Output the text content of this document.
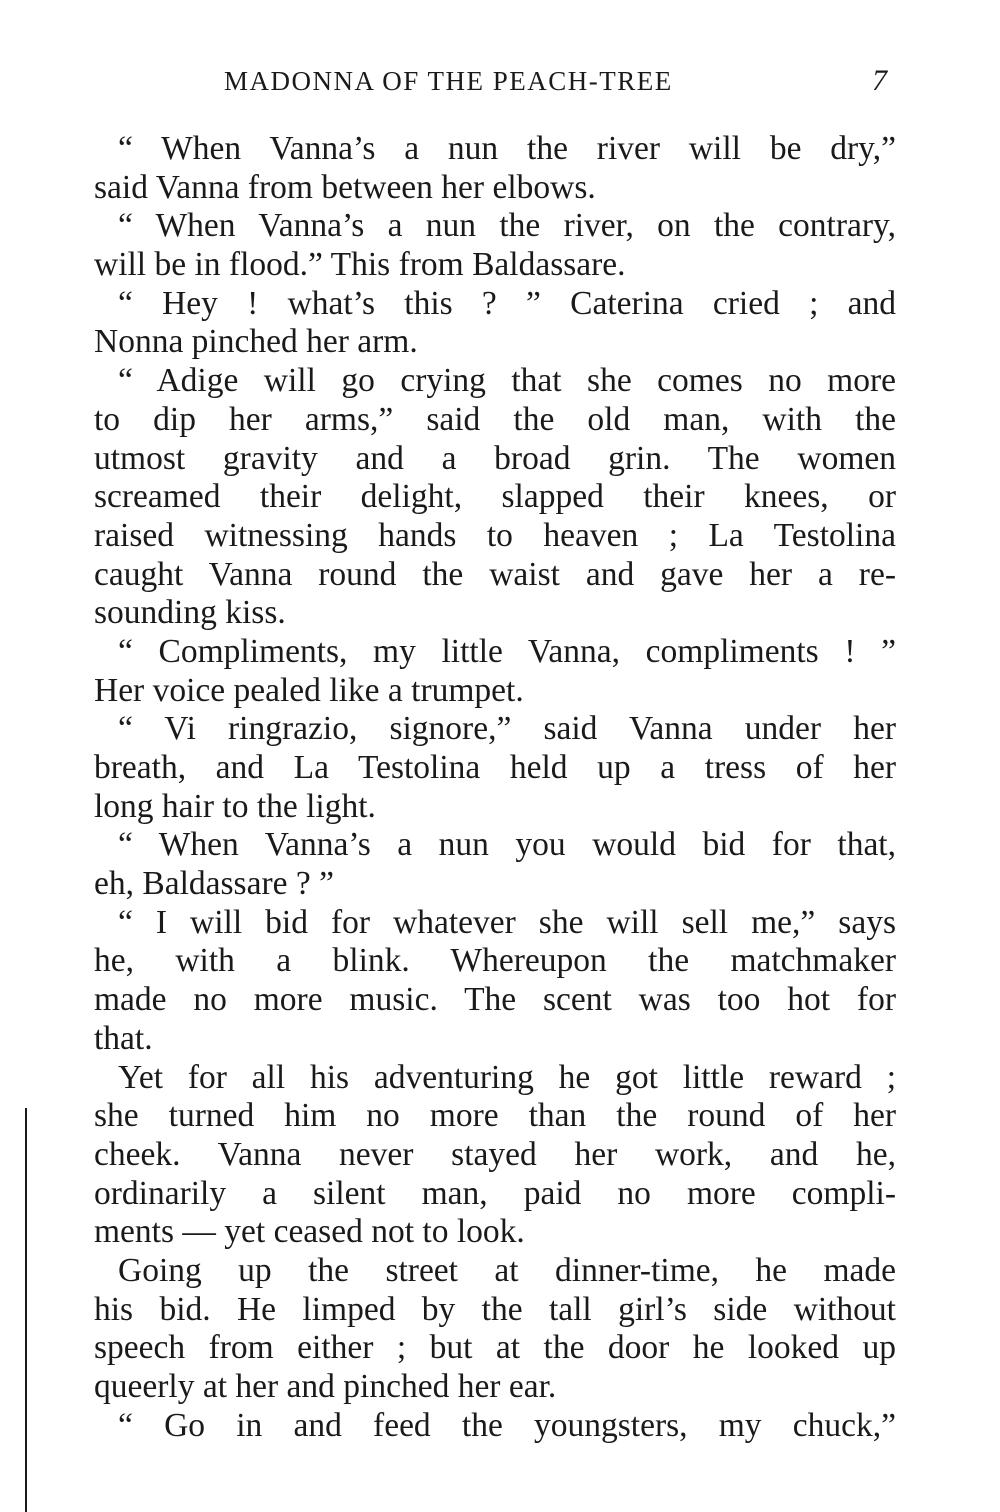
MADONNA OF THE PEACH-TREE	7
“ When Vanna’s a nun the river will be dry,”
said Vanna from between her elbows.
“ When Vanna’s a nun the river, on the contrary,
will be in flood.” This from Baldassare.
“ Hey ! what’s this ? ” Caterina cried ; and
Nonna pinched her arm.
“ Adige will go crying that she comes no more
to dip her arms,” said the old man, with the
utmost gravity and a broad grin. The women
screamed their delight, slapped their knees, or
raised witnessing hands to heaven ; La Testolina
caught Vanna round the waist and gave her a re-
sounding kiss.
“ Compliments, my little Vanna, compliments ! ”
Her voice pealed like a trumpet.
“ Vi ringrazio, signore,” said Vanna under her
breath, and La Testolina held up a tress of her
long hair to the light.
“ When Vanna’s a nun you would bid for that,
eh, Baldassare ? ”
“ I will bid for whatever she will sell me,” says
he, with a blink. Whereupon the matchmaker
made no more music. The scent was too hot for
that.
Yet for all his adventuring he got little reward ;
she turned him no more than the round of her
cheek. Vanna never stayed her work, and he,
ordinarily a silent man, paid no more compli-
ments — yet ceased not to look.
Going up the street at dinner-time, he made
his bid. He limped by the tall girl’s side without
speech from either ; but at the door he looked up
queerly at her and pinched her ear.
“ Go in and feed the youngsters, my chuck,”
